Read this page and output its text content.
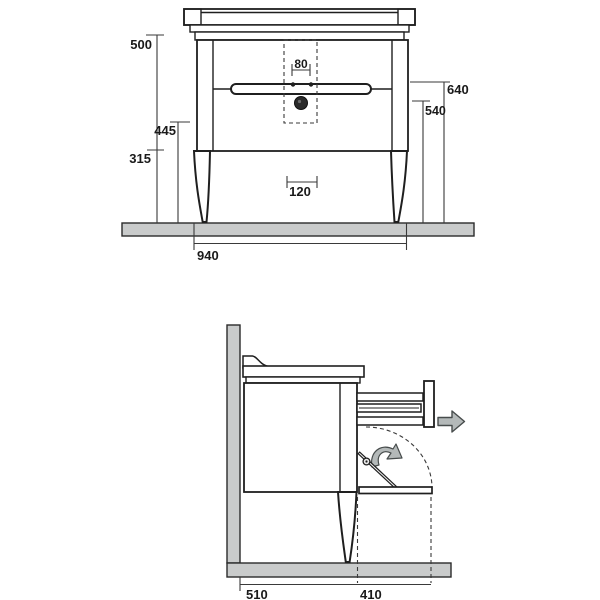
500
315
445
640
540
80
120
940
510	410
